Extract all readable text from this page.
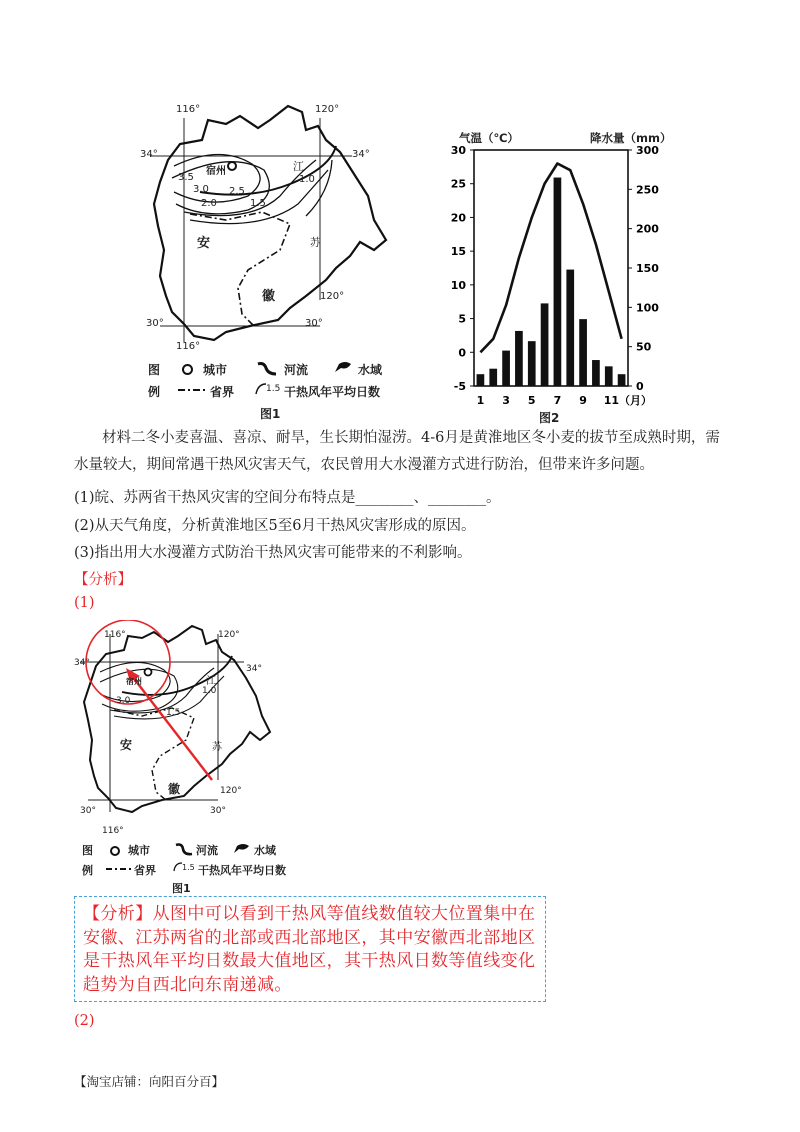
116°	120°
34°	34°
宿州	江
3.5
3.0 2.5
2.0	1.5
1.0
安	苏
徽	120°
30°	30°
116°
图
例
城市	河流	水域
省界	1.5 干热风年平均日数
图1
气温（℃）	降水量（mm）
30
25
20
15
10
5
0
-5
300
250
200
150
100
50
0
1 3 5 7 9 11（月）
图2

材料二冬小麦喜温、喜凉、耐旱，生长期怕湿涝。4-6月是黄淮地区冬小麦的拔节至成熟时期，需水量较大，期间常遇干热风灾害天气，农民曾用大水漫灌方式进行防治，但带来许多问题。

(1)皖、苏两省干热风灾害的空间分布特点是________、________。
(2)从天气角度，分析黄淮地区5至6月干热风灾害形成的原因。
(3)指出用大水漫灌方式防治干热风灾害可能带来的不利影响。
【分析】
(1)
116°	120°
34°
34°
宿州	江
3.0
1.5
1.0
安	苏
徽	120°
30°	30°
116°
图
例
城市	河流	水域
省界	1.5 干热风年平均日数
图1
【分析】从图中可以看到干热风等值线数值较大位置集中在安徽、江苏两省的北部或西北部地区，其中安徽西北部地区是干热风年平均日数最大值地区，其干热风日数等值线变化趋势为自西北向东南递减。
(2)
【淘宝店铺：向阳百分百】
